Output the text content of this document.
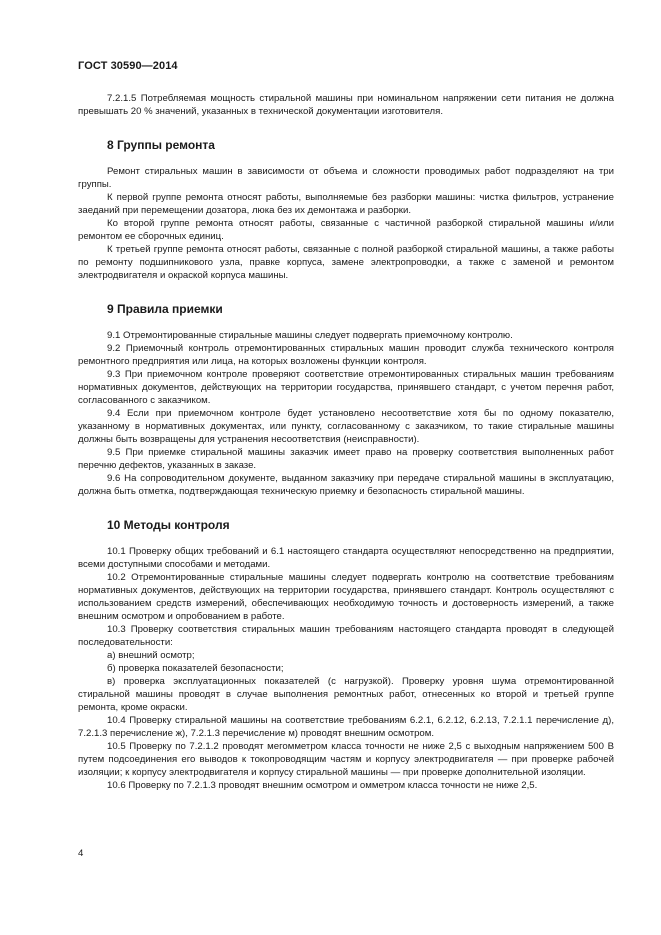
ГОСТ 30590—2014

7.2.1.5 Потребляемая мощность стиральной машины при номинальном напряжении сети питания не должна превышать 20 % значений, указанных в технической документации изготовителя.

8 Группы ремонта

Ремонт стиральных машин в зависимости от объема и сложности проводимых работ подразделяют на три группы.

К первой группе ремонта относят работы, выполняемые без разборки машины: чистка фильтров, устранение заеданий при перемещении дозатора, люка без их демонтажа и разборки.

Ко второй группе ремонта относят работы, связанные с частичной разборкой стиральной машины и/или ремонтом ее сборочных единиц.

К третьей группе ремонта относят работы, связанные с полной разборкой стиральной машины, а также работы по ремонту подшипникового узла, правке корпуса, замене электропроводки, а также с заменой и ремонтом электродвигателя и окраской корпуса машины.

9 Правила приемки

9.1 Отремонтированные стиральные машины следует подвергать приемочному контролю.

9.2 Приемочный контроль отремонтированных стиральных машин проводит служба технического контроля ремонтного предприятия или лица, на которых возложены функции контроля.

9.3 При приемочном контроле проверяют соответствие отремонтированных стиральных машин требованиям нормативных документов, действующих на территории государства, принявшего стандарт, с учетом перечня работ, согласованного с заказчиком.

9.4 Если при приемочном контроле будет установлено несоответствие хотя бы по одному показателю, указанному в нормативных документах, или пункту, согласованному с заказчиком, то такие стиральные машины должны быть возвращены для устранения несоответствия (неисправности).

9.5 При приемке стиральной машины заказчик имеет право на проверку соответствия выполненных работ перечню дефектов, указанных в заказе.

9.6 На сопроводительном документе, выданном заказчику при передаче стиральной машины в эксплуатацию, должна быть отметка, подтверждающая техническую приемку и безопасность стиральной машины.

10 Методы контроля

10.1 Проверку общих требований и 6.1 настоящего стандарта осуществляют непосредственно на предприятии, всеми доступными способами и методами.

10.2 Отремонтированные стиральные машины следует подвергать контролю на соответствие требованиям нормативных документов, действующих на территории государства, принявшего стандарт. Контроль осуществляют с использованием средств измерений, обеспечивающих необходимую точность и достоверность измерений, а также внешним осмотром и опробованием в работе.

10.3 Проверку соответствия стиральных машин требованиям настоящего стандарта проводят в следующей последовательности:

а) внешний осмотр;

б) проверка показателей безопасности;

в) проверка эксплуатационных показателей (с нагрузкой). Проверку уровня шума отремонтированной стиральной машины проводят в случае выполнения ремонтных работ, отнесенных ко второй и третьей группе ремонта, кроме окраски.

10.4 Проверку стиральной машины на соответствие требованиям 6.2.1, 6.2.12, 6.2.13, 7.2.1.1 перечисление д), 7.2.1.3 перечисление ж), 7.2.1.3 перечисление м) проводят внешним осмотром.

10.5 Проверку по 7.2.1.2 проводят мегомметром класса точности не ниже 2,5 с выходным напряжением 500 В путем подсоединения его выводов к токопроводящим частям и корпусу электродвигателя — при проверке рабочей изоляции; к корпусу электродвигателя и корпусу стиральной машины — при проверке дополнительной изоляции.

10.6 Проверку по 7.2.1.3 проводят внешним осмотром и омметром класса точности не ниже 2,5.

4
